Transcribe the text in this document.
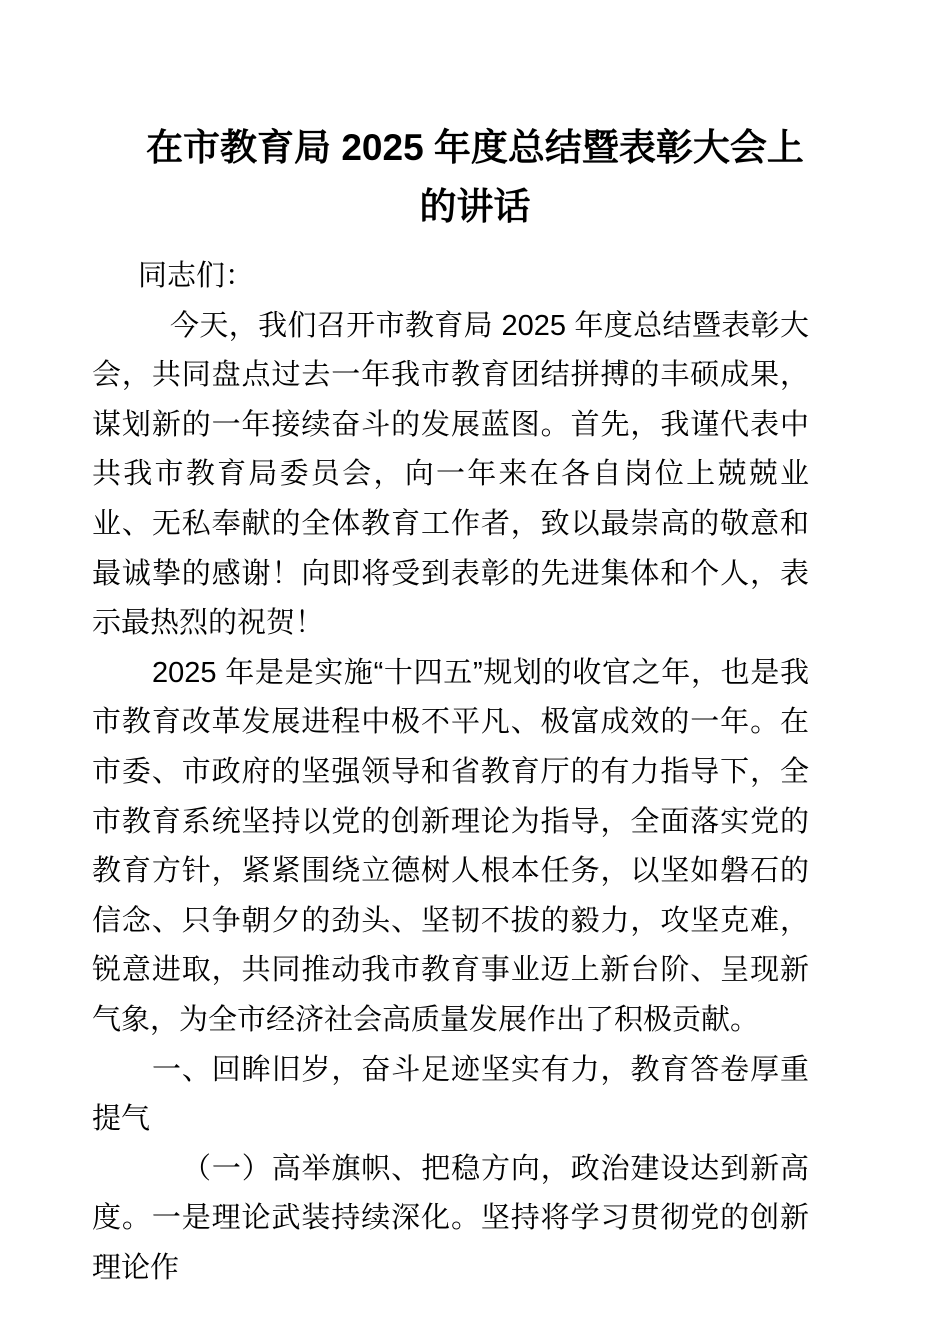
在市教育局 2025 年度总结暨表彰大会上
的讲话

同志们：

今天，我们召开市教育局 2025 年度总结暨表彰大会，共同盘点过去一年我市教育团结拼搏的丰硕成果，谋划新的一年接续奋斗的发展蓝图。首先，我谨代表中共我市教育局委员会，向一年来在各自岗位上兢兢业业、无私奉献的全体教育工作者，致以最崇高的敬意和最诚挚的感谢！向即将受到表彰的先进集体和个人，表示最热烈的祝贺！

2025 年是是实施“十四五”规划的收官之年，也是我市教育改革发展进程中极不平凡、极富成效的一年。在市委、市政府的坚强领导和省教育厅的有力指导下，全市教育系统坚持以党的创新理论为指导，全面落实党的教育方针，紧紧围绕立德树人根本任务，以坚如磐石的信念、只争朝夕的劲头、坚韧不拔的毅力，攻坚克难，锐意进取，共同推动我市教育事业迈上新台阶、呈现新气象，为全市经济社会高质量发展作出了积极贡献。

一、回眸旧岁，奋斗足迹坚实有力，教育答卷厚重提气

（一）高举旗帜、把稳方向，政治建设达到新高度。一是理论武装持续深化。坚持将学习贯彻党的创新理论作
